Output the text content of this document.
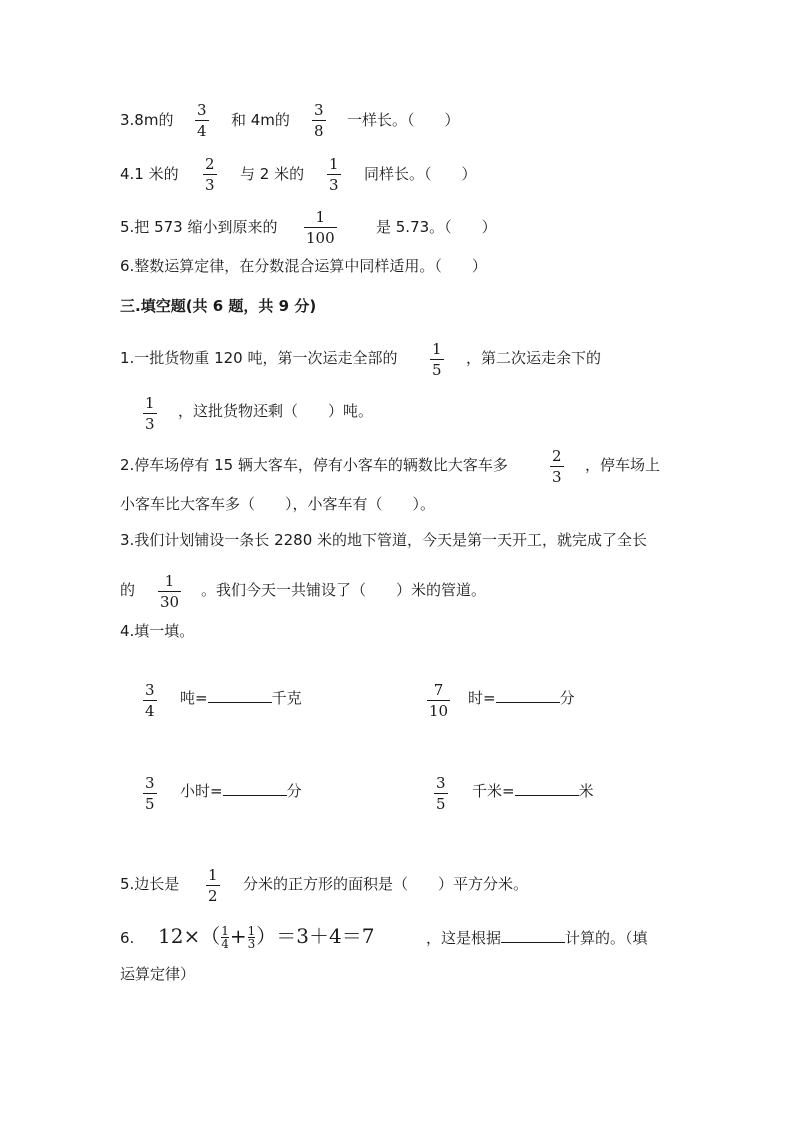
3.8m的
3
4
和 4m的
3
8
一样长。（　　）
4.1 米的
2
3
与 2 米的
1
3
同样长。（　　）
5.把 573 缩小到原来的
1
100
是 5.73。（　　）
6.整数运算定律，在分数混合运算中同样适用。（　　）
三.填空题(共 6 题，共 9 分)
1.一批货物重 120 吨，第一次运走全部的 1
5
，第二次运走余下的
1
3
，这批货物还剩（　　）吨。
2.停车场停有 15 辆大客车，停有小客车的辆数比大客车多	2
3
，停车场上
小客车比大客车多（　　），小客车有（　　）。
3.我们计划铺设一条长 2280 米的地下管道，今天是第一天开工，就完成了全长
的 1
30
。我们今天一共铺设了（　　）米的管道。
4.填一填。
3
4
吨=	千克	7
10
时=	分
3
5
小时=	分	3
5
千米=	米
5.边长是 1
2
分米的正方形的面积是（　　）平方分米。
6. $12\times( \frac{1}{4} + \frac{1}{3} )=3+4=7$	，这是根据	计算的。（填
运算定律）
